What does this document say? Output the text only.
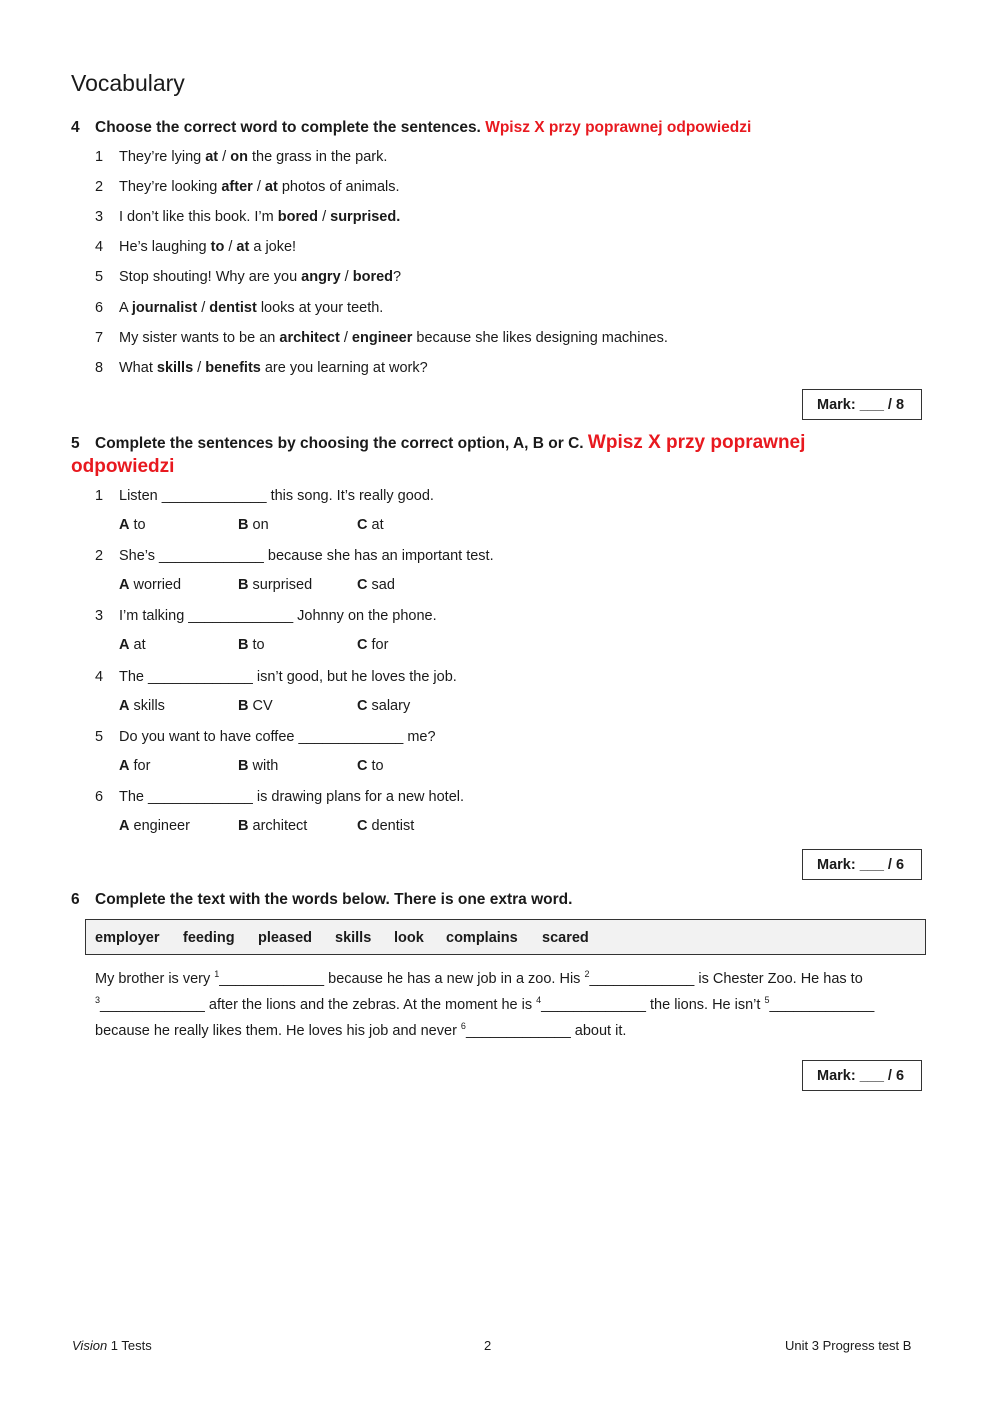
Vocabulary
4 Choose the correct word to complete the sentences. Wpisz X przy poprawnej odpowiedzi
1 They’re lying at / on the grass in the park.
2 They’re looking after / at photos of animals.
3 I don’t like this book. I’m bored / surprised.
4 He’s laughing to / at a joke!
5 Stop shouting! Why are you angry / bored?
6 A journalist / dentist looks at your teeth.
7 My sister wants to be an architect / engineer because she likes designing machines.
8 What skills / benefits are you learning at work?
Mark: ___ / 8
5 Complete the sentences by choosing the correct option, A, B or C. Wpisz X przy poprawnej odpowiedzi
1 Listen _____________ this song. It’s really good.
A to	B on	C at
2 She’s _____________ because she has an important test.
A worried	B surprised	C sad
3 I’m talking _____________ Johnny on the phone.
A at	B to	C for
4 The _____________ isn’t good, but he loves the job.
A skills	B CV	C salary
5 Do you want to have coffee _____________ me?
A for	B with	C to
6 The _____________ is drawing plans for a new hotel.
A engineer	B architect	C dentist
Mark: ___ / 6
6 Complete the text with the words below. There is one extra word.
employer feeding pleased skills look complains scared
My brother is very $^1$_____________ because he has a new job in a zoo. His $^2$_____________ is Chester Zoo. He has to
$^3$_____________ after the lions and the zebras. At the moment he is $^4$_____________ the lions. He isn’t $^5$_____________
because he really likes them. He loves his job and never $^6$_____________ about it.
Mark: ___ / 6
Vision 1 Tests	2	Unit 3 Progress test B
